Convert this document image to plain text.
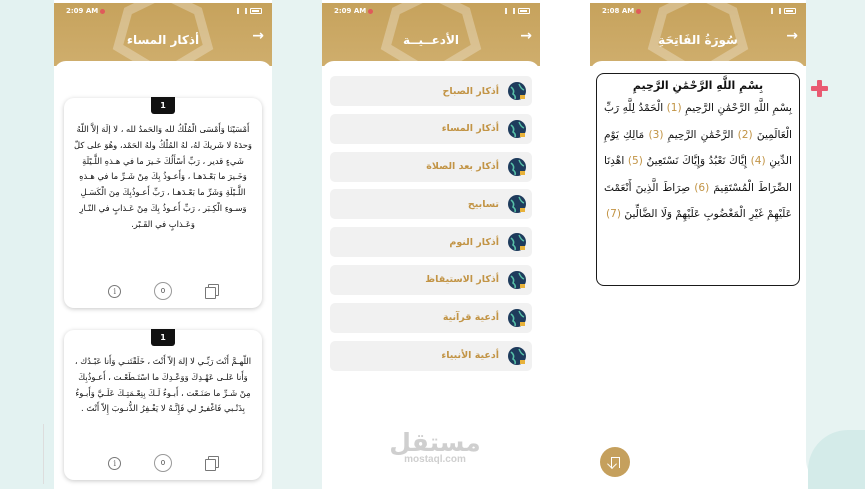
2:09 AM
أذكار المساء	→
1
أَمْسَيْنَا وَأَمْسَى الْمُلْكُ لله وَالحَمدُ لله ، لا إلَهَ إلاَّ اللّهُ وَحدَهُ لا شَريكَ لهُ، لهُ المُلْكُ ولهُ الحَمْد، وهُوَ على كلّ شَيءٍ قدير ، رَبِّ أسْأَلُكَ خَـيرَ ما في هـذهِ اللَّـيْلَةِ وَخَـيرَ ما بَعْـدَهـا ، وَأَعـوذُ بِكَ مِنْ شَـرِّ ما في هـذهِ اللَّـيْلَةِ وَشَرِّ ما بَعْـدَهـا ، رَبِّ أَعـوذُبِكَ مِنَ الْكَسَـلِ وَسـوءِ الْكِـبَر ، رَبِّ أَعـوذُ بِكَ مِنْ عَـذابٍ في النّـارِ وَعَـذابٍ في القَـبْر.
i	0
1
اللّهـمَّ أَنْتَ رَبِّـي لا إلهَ إلاّ أَنْتَ ، خَلَقْتَنـي وَأَنا عَبْـدُك ، وَأَنا عَلـى عَهْـدِكَ وَوَعْـدِكَ ما اسْتَـطَعْـت ، أَعـوذُبِكَ مِنْ شَـرِّ ما صَنَـعْت ، أَبـوءُ لَـكَ بِنِعْـمَتِـكَ عَلَـيَّ وَأَبـوءُ بِذَنْـبي فَاغْفـِرْ لي فَإِنَّـهُ لا يَغْـفِرُ الذُّنـوبَ إِلاّ أَنْتَ .
i	0
2:09 AM
الأدعــيــة	→
أذكار الصباح
أذكار المساء
أذكار بعد الصلاة
تسابيح
أذكار النوم
أذكار الاستيقاظ
أدعية قرآنية
أدعية الأنبياء
2:08 AM
سُورَةُ الفَاتِحَةِ	→
بِسْمِ اللَّهِ الرَّحْمَٰنِ الرَّحِيمِ
بِسْمِ اللَّهِ الرَّحْمَٰنِ الرَّحِيمِ (1) الْحَمْدُ لِلَّهِ رَبِّ الْعَالَمِينَ (2) الرَّحْمَٰنِ الرَّحِيمِ (3) مَالِكِ يَوْمِ الدِّينِ (4) إِيَّاكَ نَعْبُدُ وَإِيَّاكَ نَسْتَعِينُ (5) اهْدِنَا الصِّرَاطَ الْمُسْتَقِيمَ (6) صِرَاطَ الَّذِينَ أَنْعَمْتَ عَلَيْهِمْ غَيْرِ الْمَغْضُوبِ عَلَيْهِمْ وَلَا الضَّالِّينَ (7)
مستقل
mostaql.com
